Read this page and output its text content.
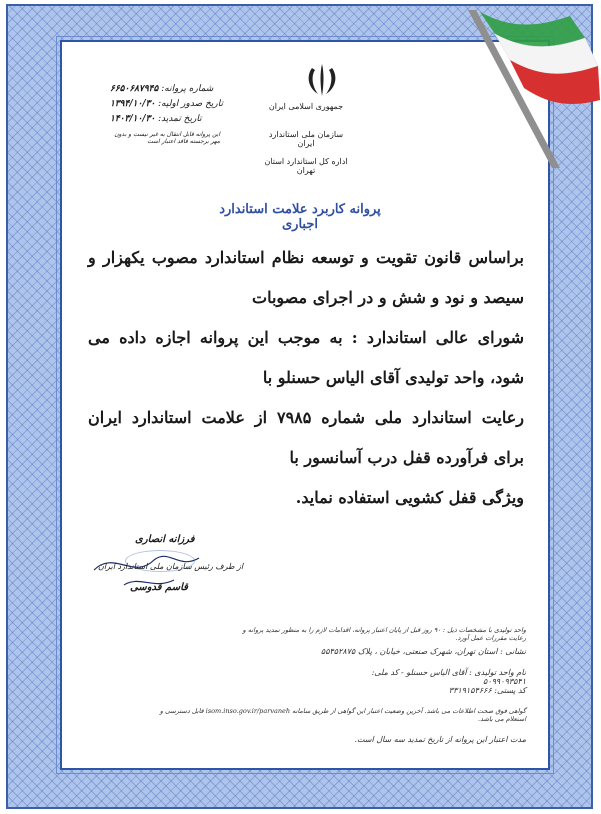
جمهوری اسلامی ایران
سازمان ملی استاندارد ایران
اداره کل استاندارد استان تهران
شماره پروانه: ۶۶۵۰۶۸۷۹۴۵
تاریخ صدور اولیه: ۱۳۹۴/۱۰/۳۰
تاریخ تمدید: ۱۴۰۳/۱۰/۳۰
این پروانه قابل انتقال به غیر نیست و بدون مهر برجسته فاقد اعتبار است
پروانه کاربرد علامت استاندارد اجباری
براساس قانون تقویت و توسعه نظام استاندارد مصوب یکهزار و سیصد و نود و شش و در اجرای مصوبات
شورای عالی استاندارد : به موجب این پروانه اجازه داده می شود، واحد تولیدی آقای الیاس حسنلو با
رعایت استاندارد ملی شماره ۷۹۸۵ از علامت استاندارد ایران برای فرآورده قفل درب آسانسور با
ویژگی قفل کشویی استفاده نماید.
فرزانه انصاری
از طرف رئیس سازمان ملی استاندارد ایران
قاسم قدوسی
واحد تولیدی با مشخصات ذیل : ۹۰ روز قبل از پایان اعتبار پروانه، اقدامات لازم را به منظور تمدید پروانه و رعایت مقررات عمل آورد.
نشانی : استان تهران، شهرک صنعتی، خیابان ، پلاک ۵۵۴۵۲۸۷۵
نام واحد تولیدی : آقای الیاس حسنلو - کد ملی: ۵۰۹۹۰۹۳۵۴۱
کد پستی: ۳۳۱۹۱۵۴۶۶۶
گواهی فوق صحت اطلاعات می باشد. آخرین وضعیت اعتبار این گواهی از طریق سامانه isom.inso.gov.ir/parvaneh قابل دسترسی و استعلام می باشد.
مدت اعتبار این پروانه از تاریخ تمدید سه سال است.
